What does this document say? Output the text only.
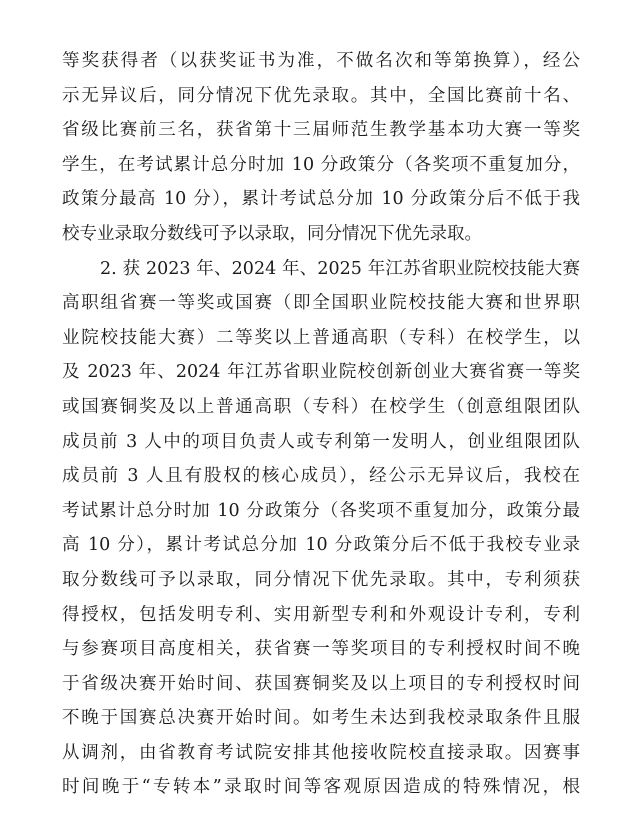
等奖获得者（以获奖证书为准，不做名次和等第换算），经公
示无异议后，同分情况下优先录取。其中，全国比赛前十名、
省级比赛前三名，获省第十三届师范生教学基本功大赛一等奖
学生，在考试累计总分时加 10 分政策分（各奖项不重复加分，
政策分最高 10 分），累计考试总分加 10 分政策分后不低于我
校专业录取分数线可予以录取，同分情况下优先录取。
2. 获 2023 年、2024 年、2025 年江苏省职业院校技能大赛
高职组省赛一等奖或国赛（即全国职业院校技能大赛和世界职
业院校技能大赛）二等奖以上普通高职（专科）在校学生，以
及 2023 年、2024 年江苏省职业院校创新创业大赛省赛一等奖
或国赛铜奖及以上普通高职（专科）在校学生（创意组限团队
成员前 3 人中的项目负责人或专利第一发明人，创业组限团队
成员前 3 人且有股权的核心成员），经公示无异议后，我校在
考试累计总分时加 10 分政策分（各奖项不重复加分，政策分最
高 10 分），累计考试总分加 10 分政策分后不低于我校专业录
取分数线可予以录取，同分情况下优先录取。其中，专利须获
得授权，包括发明专利、实用新型专利和外观设计专利，专利
与参赛项目高度相关，获省赛一等奖项目的专利授权时间不晚
于省级决赛开始时间、获国赛铜奖及以上项目的专利授权时间
不晚于国赛总决赛开始时间。如考生未达到我校录取条件且服
从调剂，由省教育考试院安排其他接收院校直接录取。因赛事
时间晚于“专转本”录取时间等客观原因造成的特殊情况，根
